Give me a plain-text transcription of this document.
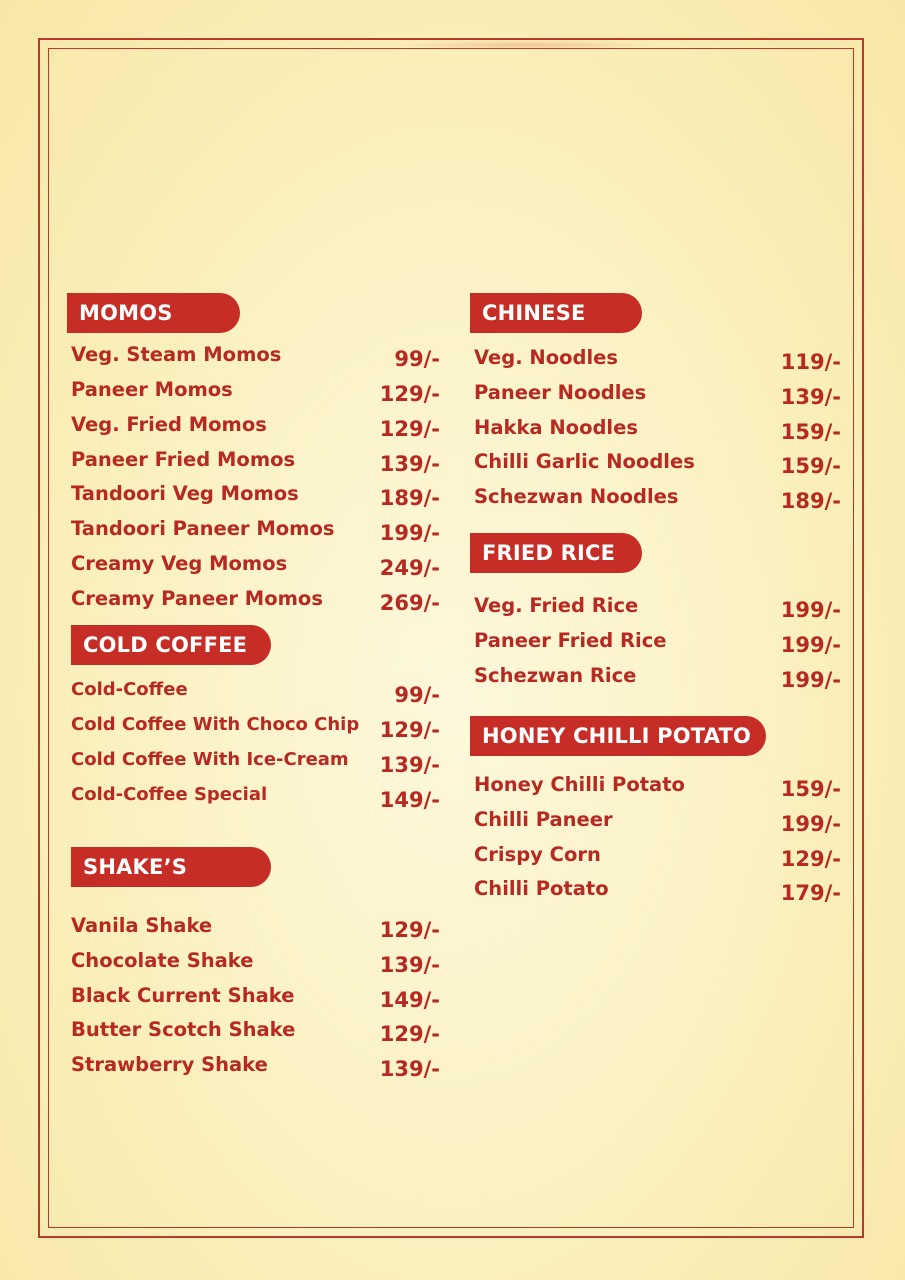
MOMOS
Veg. Steam Momos	99/-
Paneer Momos	129/-
Veg. Fried Momos	129/-
Paneer Fried Momos	139/-
Tandoori Veg Momos	189/-
Tandoori Paneer Momos 199/-
Creamy Veg Momos	249/-
Creamy Paneer Momos	269/-
COLD COFFEE
Cold-Coffee	99/-
Cold Coffee With Choco Chip 129/-
Cold Coffee With Ice-Cream 139/-
Cold-Coffee Special	149/-
SHAKE’S
Vanila Shake	129/-
Chocolate Shake	139/-
Black Current Shake	149/-
Butter Scotch Shake	129/-
Strawberry Shake	139/-
CHINESE
Veg. Noodles	119/-
Paneer Noodles	139/-
Hakka Noodles	159/-
Chilli Garlic Noodles	159/-
Schezwan Noodles	189/-
FRIED RICE
Veg. Fried Rice	199/-
Paneer Fried Rice	199/-
Schezwan Rice	199/-
HONEY CHILLI POTATO
Honey Chilli Potato	159/-
Chilli Paneer	199/-
Crispy Corn	129/-
Chilli Potato	179/-
